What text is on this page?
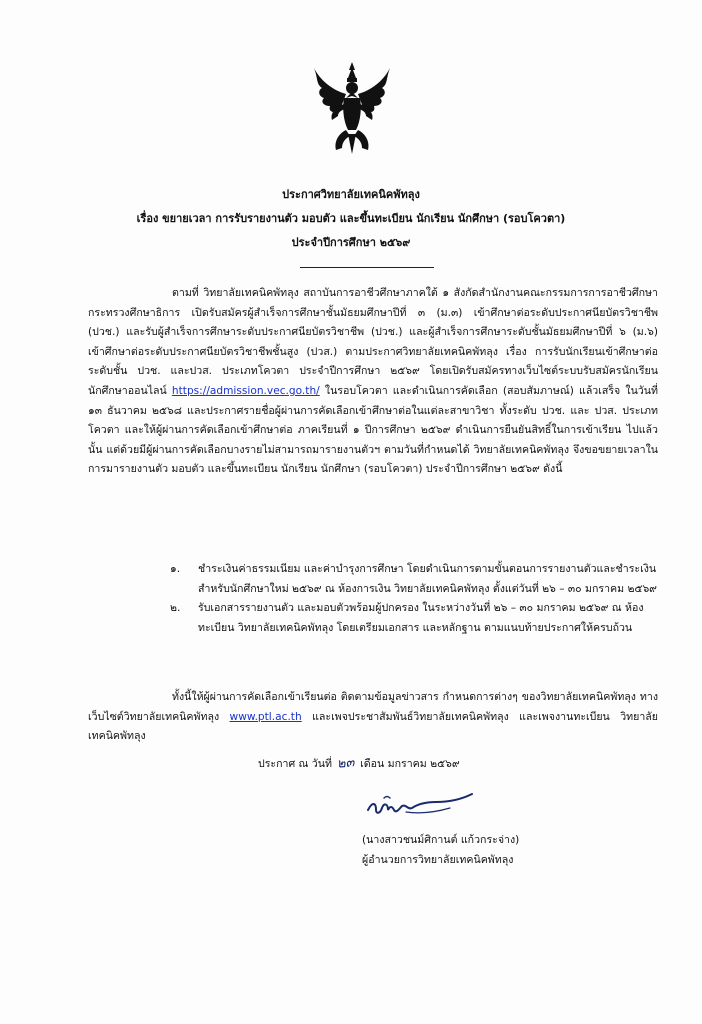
ประกาศวิทยาลัยเทคนิคพัทลุง
เรื่อง ขยายเวลา การรับรายงานตัว มอบตัว และขึ้นทะเบียน นักเรียน นักศึกษา (รอบโควตา)
ประจำปีการศึกษา ๒๕๖๙

ตามที่ วิทยาลัยเทคนิคพัทลุง สถาบันการอาชีวศึกษาภาคใต้ ๑ สังกัดสำนักงานคณะกรรมการการอาชีวศึกษากระทรวงศึกษาธิการ เปิดรับสมัครผู้สำเร็จการศึกษาชั้นมัธยมศึกษาปีที่ ๓ (ม.๓) เข้าศึกษาต่อระดับประกาศนียบัตรวิชาชีพ (ปวช.) และรับผู้สำเร็จการศึกษาระดับประกาศนียบัตรวิชาชีพ (ปวช.) และผู้สำเร็จการศึกษาระดับชั้นมัธยมศึกษาปีที่ ๖ (ม.๖) เข้าศึกษาต่อระดับประกาศนียบัตรวิชาชีพชั้นสูง (ปวส.) ตามประกาศวิทยาลัยเทคนิคพัทลุง เรื่อง การรับนักเรียนเข้าศึกษาต่อระดับชั้น ปวช. และปวส. ประเภทโควตา ประจำปีการศึกษา ๒๕๖๙ โดยเปิดรับสมัครทางเว็บไซต์ระบบรับสมัครนักเรียน นักศึกษาออนไลน์ https://admission.vec.go.th/ ในรอบโควตา และดำเนินการคัดเลือก (สอบสัมภาษณ์) แล้วเสร็จ ในวันที่ ๑๓ ธันวาคม ๒๕๖๘ และประกาศรายชื่อผู้ผ่านการคัดเลือกเข้าศึกษาต่อในแต่ละสาขาวิชา ทั้งระดับ ปวช. และ ปวส. ประเภทโควตา และให้ผู้ผ่านการคัดเลือกเข้าศึกษาต่อ ภาคเรียนที่ ๑ ปีการศึกษา ๒๕๖๙ ดำเนินการยืนยันสิทธิ์ในการเข้าเรียน ไปแล้วนั้น แต่ด้วยมีผู้ผ่านการคัดเลือกบางรายไม่สามารถมารายงานตัวฯ ตามวันที่กำหนดได้ วิทยาลัยเทคนิคพัทลุง จึงขอขยายเวลาในการมารายงานตัว มอบตัว และขึ้นทะเบียน นักเรียน นักศึกษา (รอบโควตา) ประจำปีการศึกษา ๒๕๖๙ ดังนี้

๑. ชำระเงินค่าธรรมเนียม และค่าบำรุงการศึกษา โดยดำเนินการตามขั้นตอนการรายงานตัวและชำระเงิน สำหรับนักศึกษาใหม่ ๒๕๖๙ ณ ห้องการเงิน วิทยาลัยเทคนิคพัทลุง ตั้งแต่วันที่ ๒๖ – ๓๐ มกราคม ๒๕๖๙
๒. รับเอกสารรายงานตัว และมอบตัวพร้อมผู้ปกครอง ในระหว่างวันที่ ๒๖ – ๓๐ มกราคม ๒๕๖๙ ณ ห้องทะเบียน วิทยาลัยเทคนิคพัทลุง โดยเตรียมเอกสาร และหลักฐาน ตามแนบท้ายประกาศให้ครบถ้วน
ทั้งนี้ให้ผู้ผ่านการคัดเลือกเข้าเรียนต่อ ติดตามข้อมูลข่าวสาร กำหนดการต่างๆ ของวิทยาลัยเทคนิคพัทลุง ทางเว็บไซต์วิทยาลัยเทคนิคพัทลุง www.ptl.ac.th และเพจประชาสัมพันธ์วิทยาลัยเทคนิคพัทลุง และเพจงานทะเบียน วิทยาลัยเทคนิคพัทลุง
ประกาศ ณ วันที่ ๒๓ เดือน มกราคม ๒๕๖๙
(นางสาวชนม์ศิกานต์ แก้วกระจ่าง)
ผู้อำนวยการวิทยาลัยเทคนิคพัทลุง
